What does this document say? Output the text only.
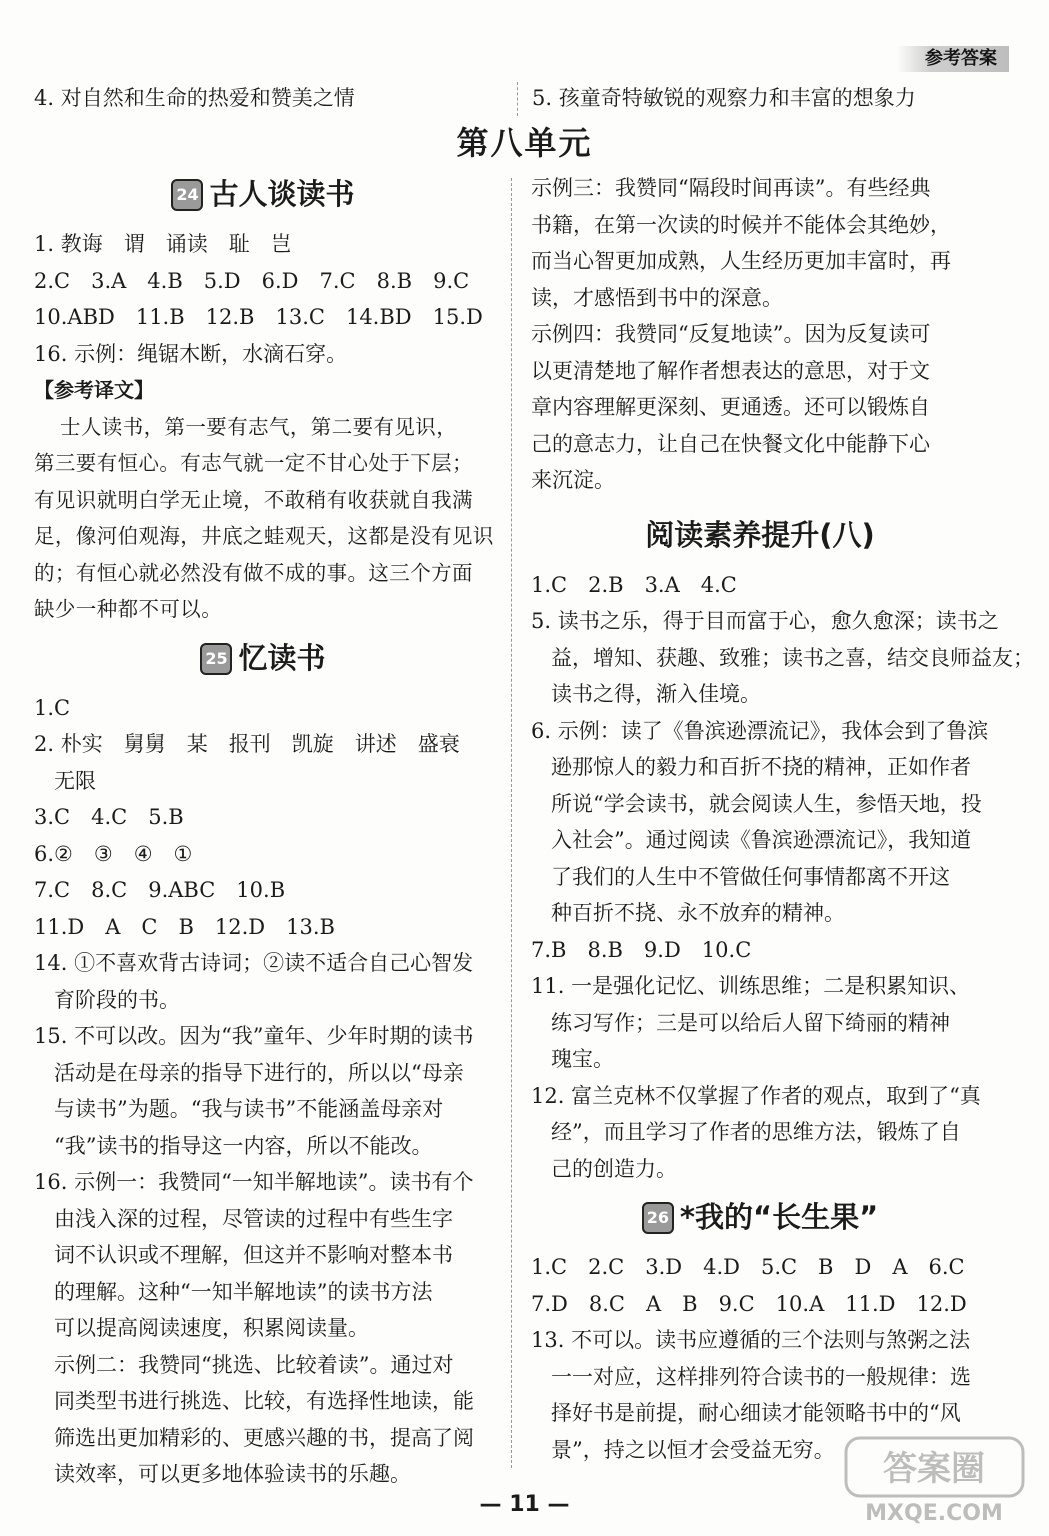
参考答案
4. 对自然和生命的热爱和赞美之情	5. 孩童奇特敏锐的观察力和丰富的想象力
第八单元
24 古人谈读书
1. 教诲　谓　诵读　耻　岂
2.C　3.A　4.B　5.D　6.D　7.C　8.B　9.C
10.ABD　11.B　12.B　13.C　14.BD　15.D
16. 示例：绳锯木断，水滴石穿。
【参考译文】
士人读书，第一要有志气，第二要有见识，
第三要有恒心。有志气就一定不甘心处于下层；
有见识就明白学无止境，不敢稍有收获就自我满
足，像河伯观海，井底之蛙观天，这都是没有见识
的；有恒心就必然没有做不成的事。这三个方面
缺少一种都不可以。
25 忆读书
1.C
2. 朴实　舅舅　某　报刊　凯旋　讲述　盛衰
无限
3.C　4.C　5.B
6.②　③　④　①
7.C　8.C　9.ABC　10.B
11.D　A　C　B　12.D　13.B
14. ①不喜欢背古诗词；②读不适合自己心智发
育阶段的书。
15. 不可以改。因为“我”童年、少年时期的读书
活动是在母亲的指导下进行的，所以以“母亲
与读书”为题。“我与读书”不能涵盖母亲对
“我”读书的指导这一内容，所以不能改。
16. 示例一：我赞同“一知半解地读”。读书有个
由浅入深的过程，尽管读的过程中有些生字
词不认识或不理解，但这并不影响对整本书
的理解。这种“一知半解地读”的读书方法
可以提高阅读速度，积累阅读量。
示例二：我赞同“挑选、比较着读”。通过对
同类型书进行挑选、比较，有选择性地读，能
筛选出更加精彩的、更感兴趣的书，提高了阅
读效率，可以更多地体验读书的乐趣。
示例三：我赞同“隔段时间再读”。有些经典
书籍，在第一次读的时候并不能体会其绝妙，
而当心智更加成熟，人生经历更加丰富时，再
读，才感悟到书中的深意。
示例四：我赞同“反复地读”。因为反复读可
以更清楚地了解作者想表达的意思，对于文
章内容理解更深刻、更通透。还可以锻炼自
己的意志力，让自己在快餐文化中能静下心
来沉淀。
阅读素养提升(八)
1.C　2.B　3.A　4.C
5. 读书之乐，得于目而富于心，愈久愈深；读书之
益，增知、获趣、致雅；读书之喜，结交良师益友；
读书之得，渐入佳境。
6. 示例：读了《鲁滨逊漂流记》，我体会到了鲁滨
逊那惊人的毅力和百折不挠的精神，正如作者
所说“学会读书，就会阅读人生，参悟天地，投
入社会”。通过阅读《鲁滨逊漂流记》，我知道
了我们的人生中不管做任何事情都离不开这
种百折不挠、永不放弃的精神。
7.B　8.B　9.D　10.C
11. 一是强化记忆、训练思维；二是积累知识、
练习写作；三是可以给后人留下绮丽的精神
瑰宝。
12. 富兰克林不仅掌握了作者的观点，取到了“真
经”，而且学习了作者的思维方法，锻炼了自
己的创造力。
26 *我的“长生果”
1.C　2.C　3.D　4.D　5.C　B　D　A　6.C
7.D　8.C　A　B　9.C　10.A　11.D　12.D
13. 不可以。读书应遵循的三个法则与煞粥之法
一一对应，这样排列符合读书的一般规律：选
择好书是前提，耐心细读才能领略书中的“风
景”，持之以恒才会受益无穷。
— 11 —
答案圈
MXQE.COM
